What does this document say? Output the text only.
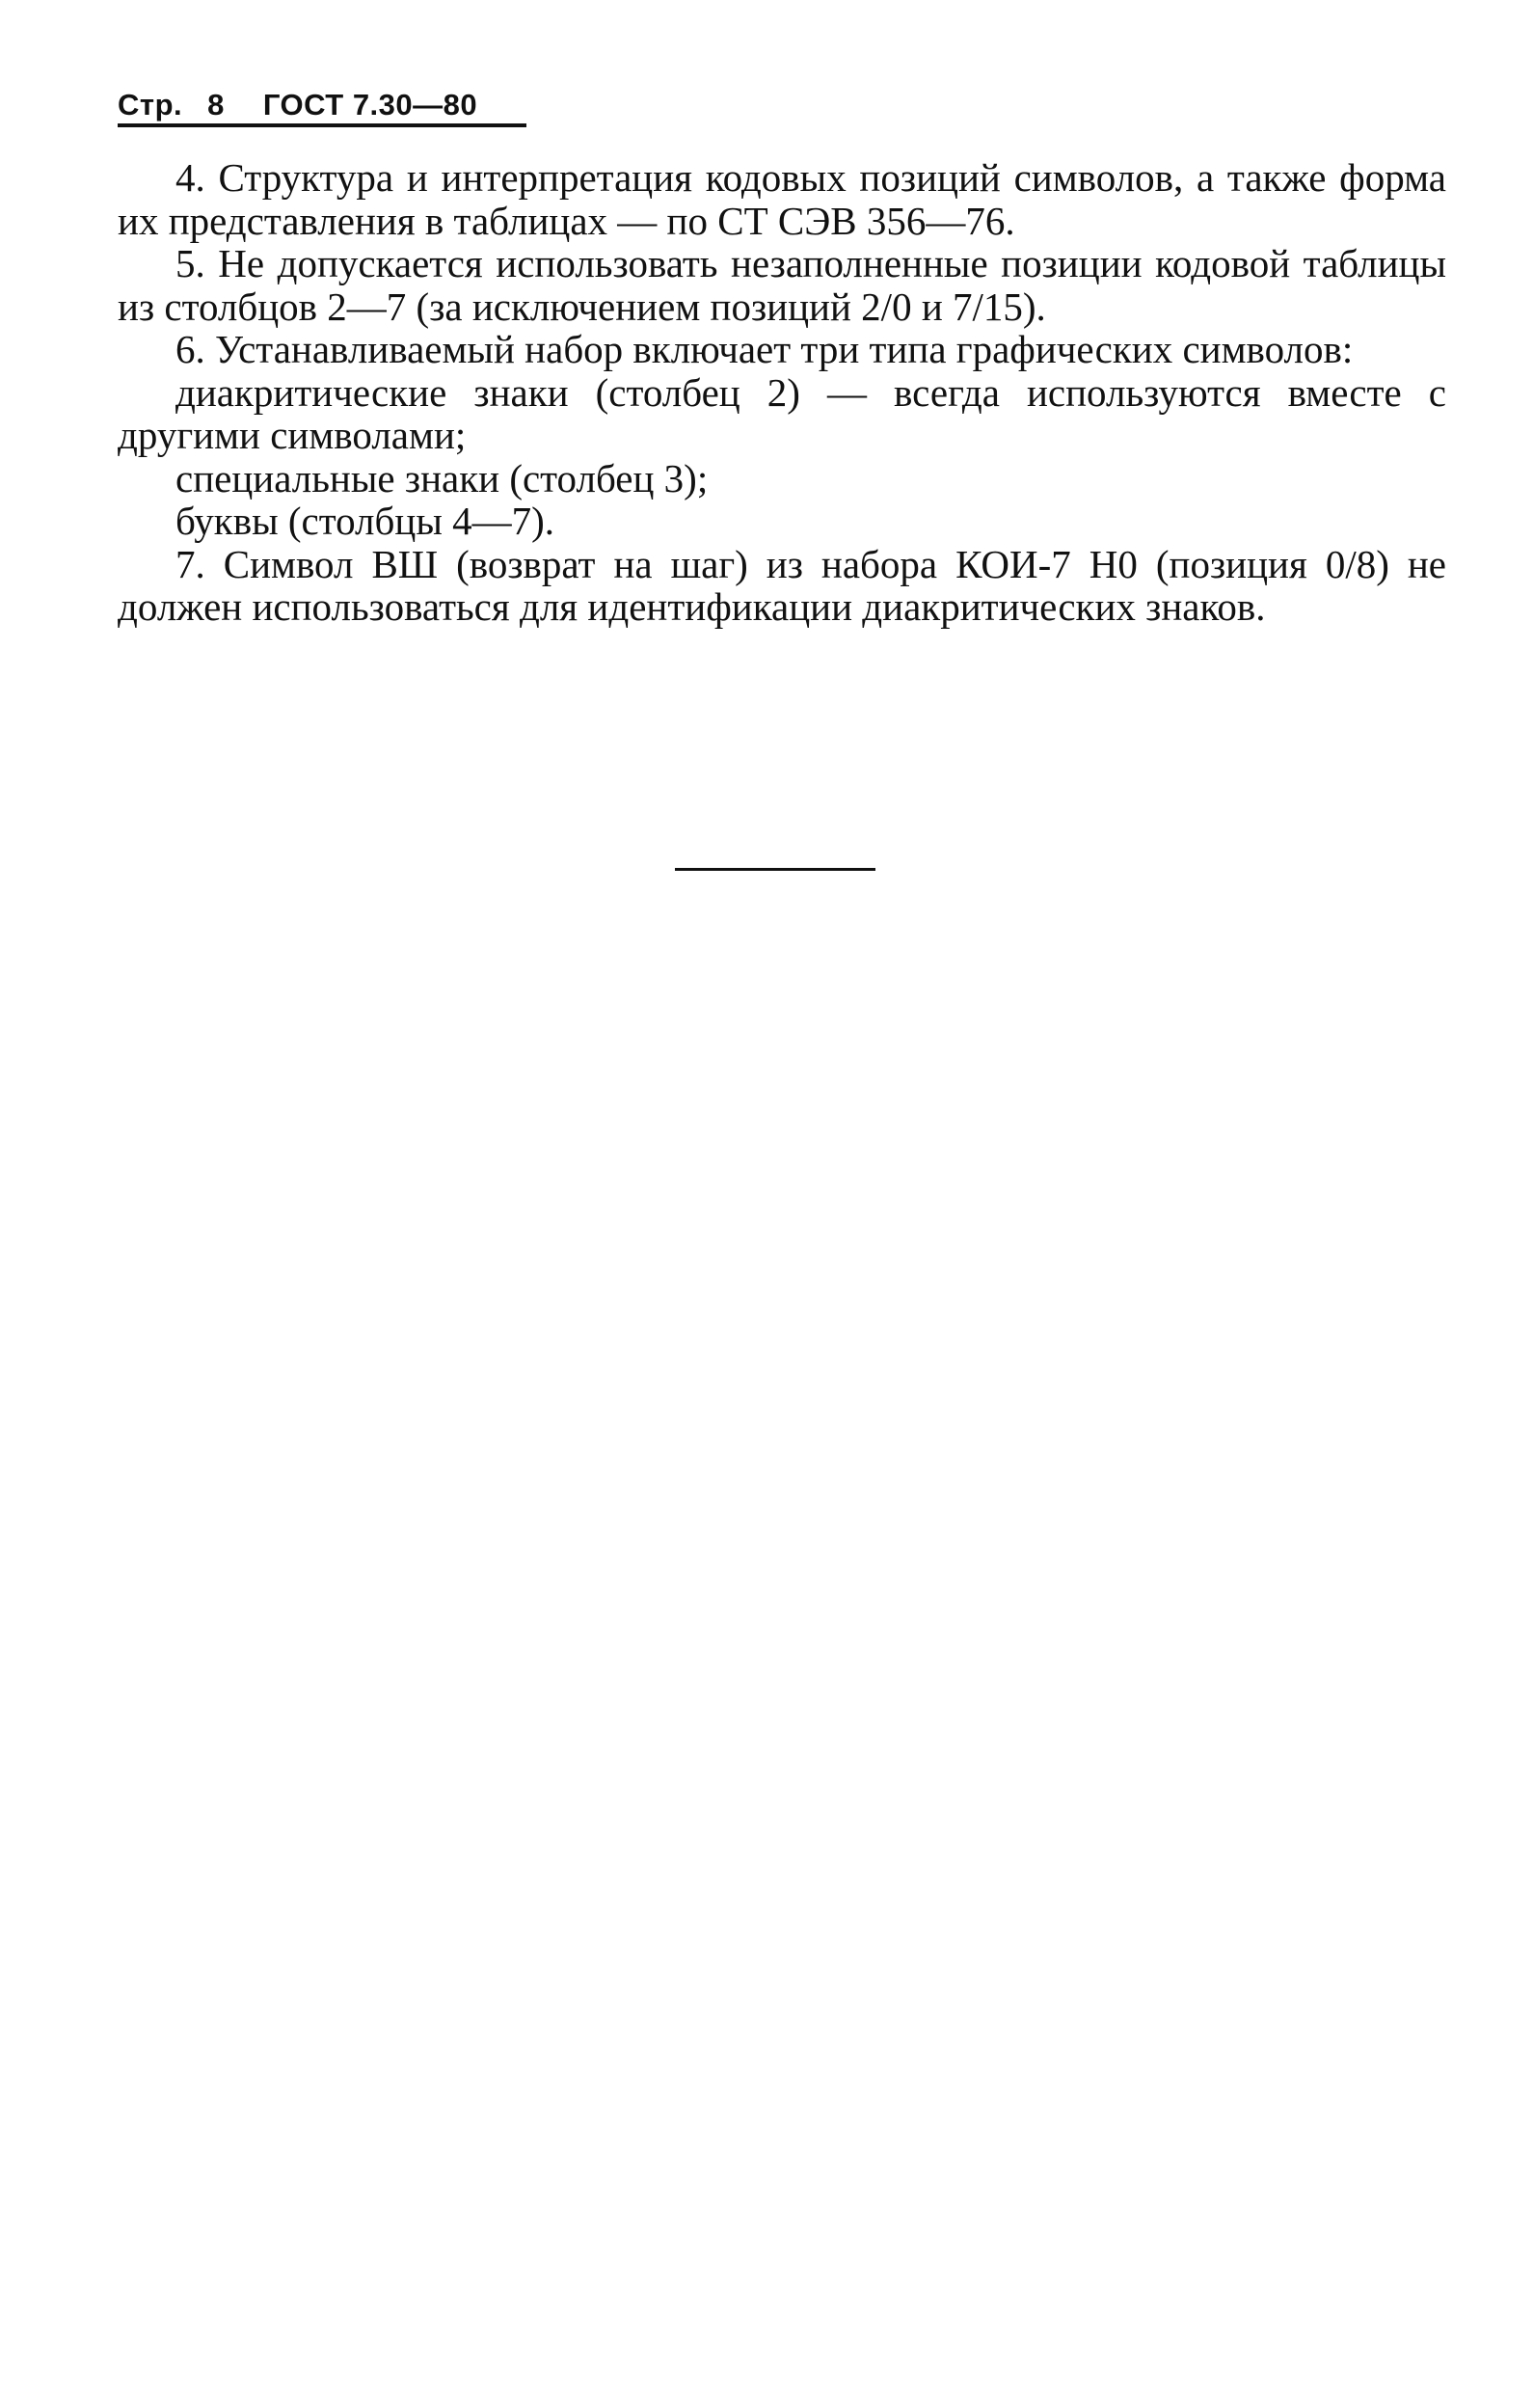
Стр. 8 ГОСТ 7.30—80

4. Структура и интерпретация кодовых позиций символов, а также форма их представления в таблицах — по СТ СЭВ 356—76.

5. Не допускается использовать незаполненные позиции кодовой таблицы из столбцов 2—7 (за исключением позиций 2/0 и 7/15).

6. Устанавливаемый набор включает три типа графических символов:

диакритические знаки (столбец 2) — всегда используются вместе с другими символами;

специальные знаки (столбец 3);

буквы (столбцы 4—7).

7. Символ ВШ (возврат на шаг) из набора КОИ-7 Н0 (позиция 0/8) не должен использоваться для идентификации диакритических знаков.
